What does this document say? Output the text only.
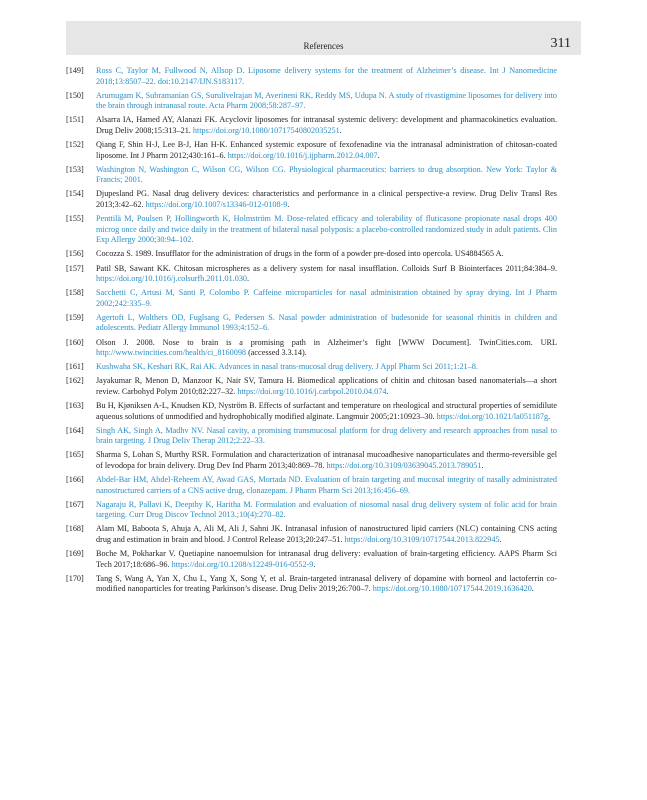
References	311
[149] Ross C, Taylor M, Fullwood N, Allsop D. Liposome delivery systems for the treatment of Alzheimer’s disease. Int J Nanomedicine 2018;13:8507–22. doi:10.2147/IJN.S183117.
[150] Arumugam K, Subramanian GS, Surulivelrajan M, Averineni RK, Reddy MS, Udupa N. A study of rivastigmine liposomes for delivery into the brain through intranasal route. Acta Pharm 2008;58:287–97.
[151] Alsarra IA, Hamed AY, Alanazi FK. Acyclovir liposomes for intranasal systemic delivery: development and pharmacokinetics evaluation. Drug Deliv 2008;15:313–21. https://doi.org/10.1080/10717540802035251.
[152] Qiang F, Shin H-J, Lee B-J, Han H-K. Enhanced systemic exposure of fexofenadine via the intranasal administration of chitosan-coated liposome. Int J Pharm 2012;430:161–6. https://doi.org/10.1016/j.ijpharm.2012.04.007.
[153] Washington N, Washington C, Wilson CG, Wilson CG. Physiological pharmaceutics: barriers to drug absorption. New York: Taylor & Francis; 2001.
[154] Djupesland PG. Nasal drug delivery devices: characteristics and performance in a clinical perspective-a review. Drug Deliv Transl Res 2013;3:42–62. https://doi.org/10.1007/s13346-012-0108-9.
[155] Penttilä M, Poulsen P, Hollingworth K, Holmström M. Dose-related efficacy and tolerability of fluticasone propionate nasal drops 400 microg once daily and twice daily in the treatment of bilateral nasal polyposis: a placebo-controlled randomized study in adult patients. Clin Exp Allergy 2000;30:94–102.
[156] Cocozza S. 1989. Insufflator for the administration of drugs in the form of a powder pre-dosed into opercola. US4884565 A.
[157] Patil SB, Sawant KK. Chitosan microspheres as a delivery system for nasal insufflation. Colloids Surf B Biointerfaces 2011;84:384–9. https://doi.org/10.1016/j.colsurfb.2011.01.030.
[158] Sacchetti C, Artusi M, Santi P, Colombo P. Caffeine microparticles for nasal administration obtained by spray drying. Int J Pharm 2002;242:335–9.
[159] Agertoft L, Wolthers OD, Fuglsang G, Pedersen S. Nasal powder administration of budesonide for seasonal rhinitis in children and adolescents. Pediatr Allergy Immunol 1993;4:152–6.
[160] Olson J. 2008. Nose to brain is a promising path in Alzheimer’s fight [WWW Document]. TwinCities.com. URL http://www.twincities.com/health/ci_8160098 (accessed 3.3.14).
[161] Kushwaha SK, Keshari RK, Rai AK. Advances in nasal trans-mucosal drug delivery. J Appl Pharm Sci 2011;1:21–8.
[162] Jayakumar R, Menon D, Manzoor K, Nair SV, Tamura H. Biomedical applications of chitin and chitosan based nanomaterials—a short review. Carbohyd Polym 2010;82:227–32. https://doi.org/10.1016/j.carbpol.2010.04.074.
[163] Bu H, Kjøniksen A-L, Knudsen KD, Nyström B. Effects of surfactant and temperature on rheological and structural properties of semidilute aqueous solutions of unmodified and hydrophobically modified alginate. Langmuir 2005;21:10923–30. https://doi.org/10.1021/la051187g.
[164] Singh AK, Singh A, Madhv NV. Nasal cavity, a promising transmucosal platform for drug delivery and research approaches from nasal to brain targeting. J Drug Deliv Therap 2012;2:22–33.
[165] Sharma S, Lohan S, Murthy RSR. Formulation and characterization of intranasal mucoadhesive nanoparticulates and thermo-reversible gel of levodopa for brain delivery. Drug Dev Ind Pharm 2013;40:869–78. https://doi.org/10.3109/03639045.2013.789051.
[166] Abdel-Bar HM, Abdel-Reheem AY, Awad GAS, Mortada ND. Evaluation of brain targeting and mucosal integrity of nasally administrated nanostructured carriers of a CNS active drug, clonazepam. J Pharm Pharm Sci 2013;16:456–69.
[167] Nagaraju R, Pallavi K, Deepthy K, Haritha M. Formulation and evaluation of niosomal nasal drug delivery system of folic acid for brain targeting. Curr Drug Discov Technol 2013.;10(4):270–82.
[168] Alam MI, Baboota S, Ahuja A, Ali M, Ali J, Sahni JK. Intranasal infusion of nanostructured lipid carriers (NLC) containing CNS acting drug and estimation in brain and blood. J Control Release 2013;20:247–51. https://doi.org/10.3109/10717544.2013.822945.
[169] Boche M, Pokharkar V. Quetiapine nanoemulsion for intranasal drug delivery: evaluation of brain-targeting efficiency. AAPS Pharm Sci Tech 2017;18:686–96. https://doi.org/10.1208/s12249-016-0552-9.
[170] Tang S, Wang A, Yan X, Chu L, Yang X, Song Y, et al. Brain-targeted intranasal delivery of dopamine with borneol and lactoferrin co-modified nanoparticles for treating Parkinson’s disease. Drug Deliv 2019;26:700–7. https://doi.org/10.1080/10717544.2019.1636420.
